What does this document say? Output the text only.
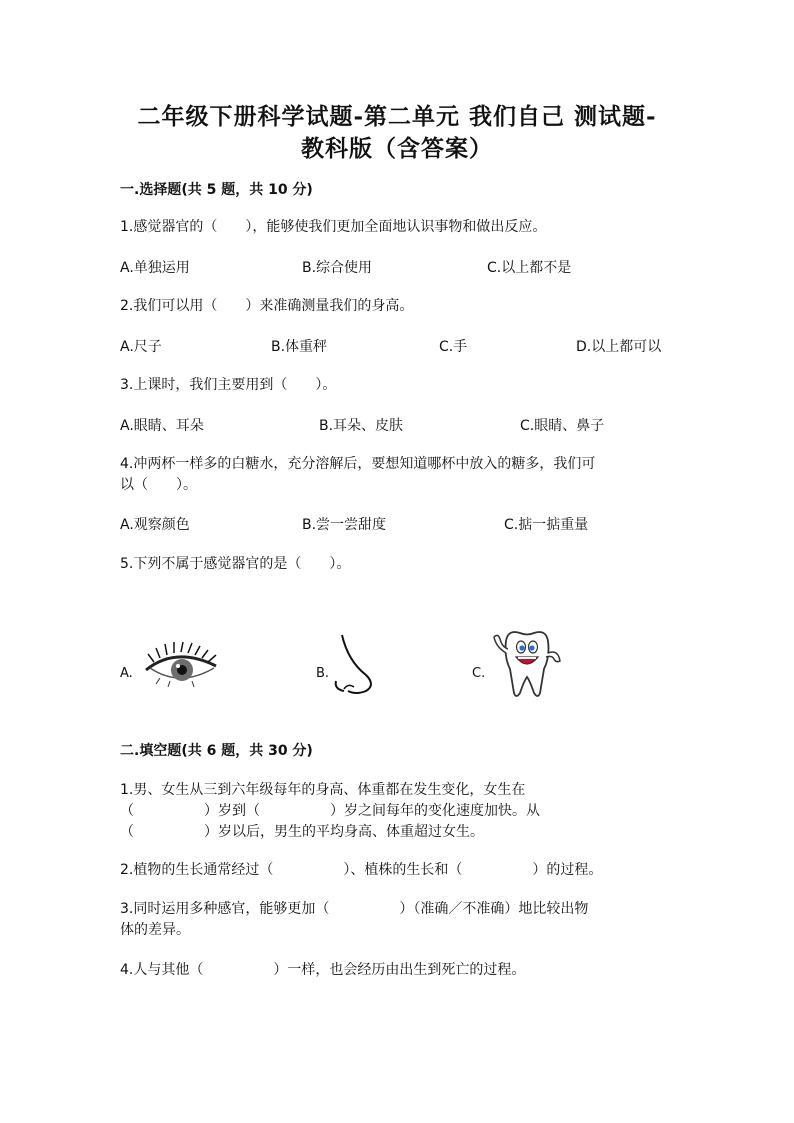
二年级下册科学试题-第二单元 我们自己 测试题-
教科版（含答案）
一.选择题(共 5 题，共 10 分)
1.感觉器官的（　　），能够使我们更加全面地认识事物和做出反应。
A.单独运用	B.综合使用	C.以上都不是
2.我们可以用（　　）来准确测量我们的身高。
A.尺子	B.体重秤	C.手	D.以上都可以
3.上课时，我们主要用到（　　）。
A.眼睛、耳朵	B.耳朵、皮肤	C.眼睛、鼻子
4.冲两杯一样多的白糖水，充分溶解后，要想知道哪杯中放入的糖多，我们可
以（　　）。
A.观察颜色	B.尝一尝甜度	C.掂一掂重量
5.下列不属于感觉器官的是（　　）。
A.	B.	C.
二.填空题(共 6 题，共 30 分)
1.男、女生从三到六年级每年的身高、体重都在发生变化，女生在
（　　　　　）岁到（　　　　　）岁之间每年的变化速度加快。从
（　　　　　）岁以后，男生的平均身高、体重超过女生。
2.植物的生长通常经过（　　　　　）、植株的生长和（　　　　　）的过程。
3.同时运用多种感官，能够更加（　　　　　）（准确／不准确）地比较出物
体的差异。
4.人与其他（　　　　　）一样，也会经历由出生到死亡的过程。
